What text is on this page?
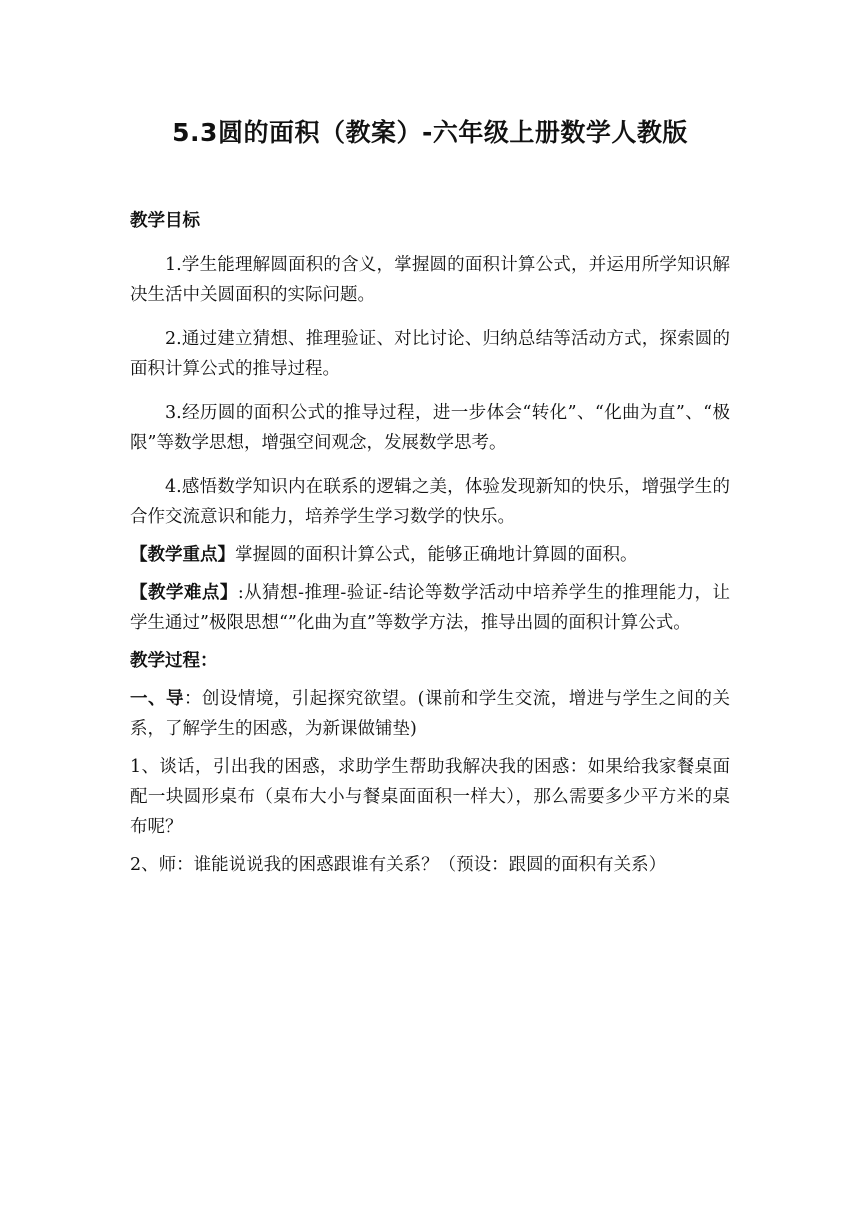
5.3圆的面积（教案）-六年级上册数学人教版

教学目标

1.学生能理解圆面积的含义，掌握圆的面积计算公式，并运用所学知识解决生活中关圆面积的实际问题。

2.通过建立猜想、推理验证、对比讨论、归纳总结等活动方式，探索圆的面积计算公式的推导过程。

3.经历圆的面积公式的推导过程，进一步体会“转化”、“化曲为直”、“极限”等数学思想，增强空间观念，发展数学思考。

4.感悟数学知识内在联系的逻辑之美，体验发现新知的快乐，增强学生的合作交流意识和能力，培养学生学习数学的快乐。

【教学重点】掌握圆的面积计算公式，能够正确地计算圆的面积。

【教学难点】:从猜想-推理-验证-结论等数学活动中培养学生的推理能力，让学生通过”极限思想“”化曲为直”等数学方法，推导出圆的面积计算公式。

教学过程：

一、导：创设情境，引起探究欲望。(课前和学生交流，增进与学生之间的关系，了解学生的困惑，为新课做铺垫)

1、谈话，引出我的困惑，求助学生帮助我解决我的困惑：如果给我家餐桌面配一块圆形桌布（桌布大小与餐桌面面积一样大），那么需要多少平方米的桌布呢？

2、师：谁能说说我的困惑跟谁有关系？（预设：跟圆的面积有关系）
